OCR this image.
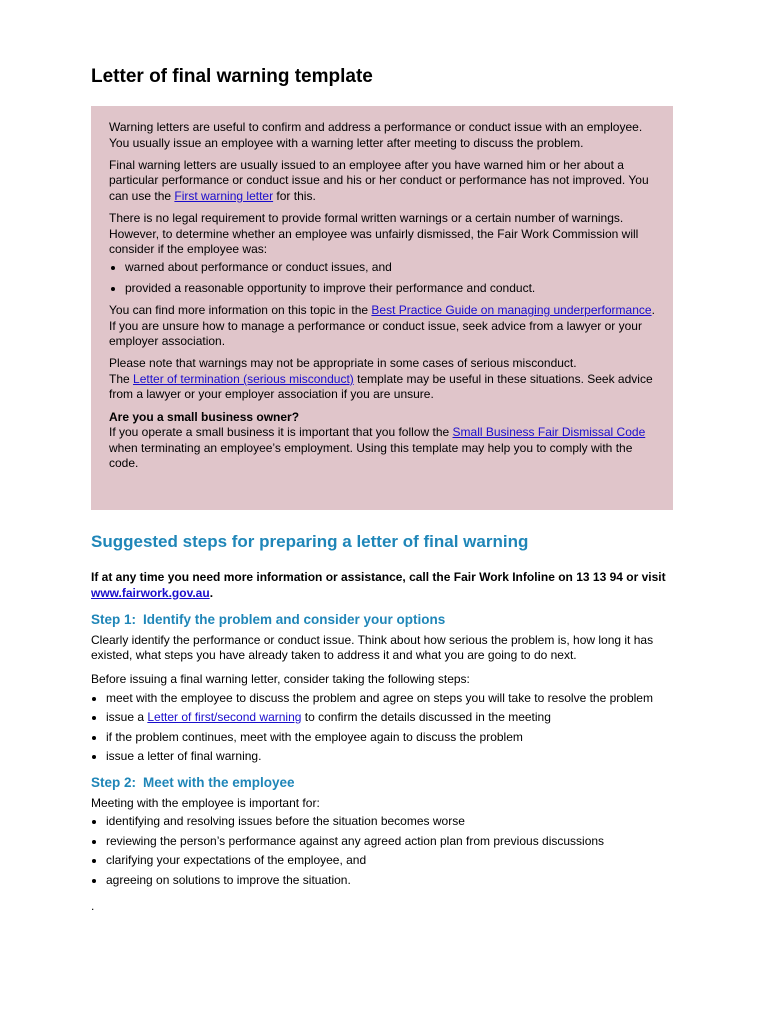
Letter of final warning template

Warning letters are useful to confirm and address a performance or conduct issue with an employee. You usually issue an employee with a warning letter after meeting to discuss the problem.

Final warning letters are usually issued to an employee after you have warned him or her about a particular performance or conduct issue and his or her conduct or performance has not improved. You can use the First warning letter for this.

There is no legal requirement to provide formal written warnings or a certain number of warnings. However, to determine whether an employee was unfairly dismissed, the Fair Work Commission will consider if the employee was:

• warned about performance or conduct issues, and
• provided a reasonable opportunity to improve their performance and conduct.

You can find more information on this topic in the Best Practice Guide on managing underperformance. If you are unsure how to manage a performance or conduct issue, seek advice from a lawyer or your employer association.

Please note that warnings may not be appropriate in some cases of serious misconduct.
The Letter of termination (serious misconduct) template may be useful in these situations. Seek advice from a lawyer or your employer association if you are unsure.

Are you a small business owner?
If you operate a small business it is important that you follow the Small Business Fair Dismissal Code when terminating an employee’s employment. Using this template may help you to comply with the code.

Suggested steps for preparing a letter of final warning

If at any time you need more information or assistance, call the Fair Work Infoline on 13 13 94 or visit www.fairwork.gov.au.

Step 1: Identify the problem and consider your options

Clearly identify the performance or conduct issue. Think about how serious the problem is, how long it has existed, what steps you have already taken to address it and what you are going to do next.

Before issuing a final warning letter, consider taking the following steps:

• meet with the employee to discuss the problem and agree on steps you will take to resolve the problem
• issue a Letter of first/second warning to confirm the details discussed in the meeting
• if the problem continues, meet with the employee again to discuss the problem
• issue a letter of final warning.
Step 2: Meet with the employee

Meeting with the employee is important for:

• identifying and resolving issues before the situation becomes worse
• reviewing the person’s performance against any agreed action plan from previous discussions
• clarifying your expectations of the employee, and
• agreeing on solutions to improve the situation.

.
